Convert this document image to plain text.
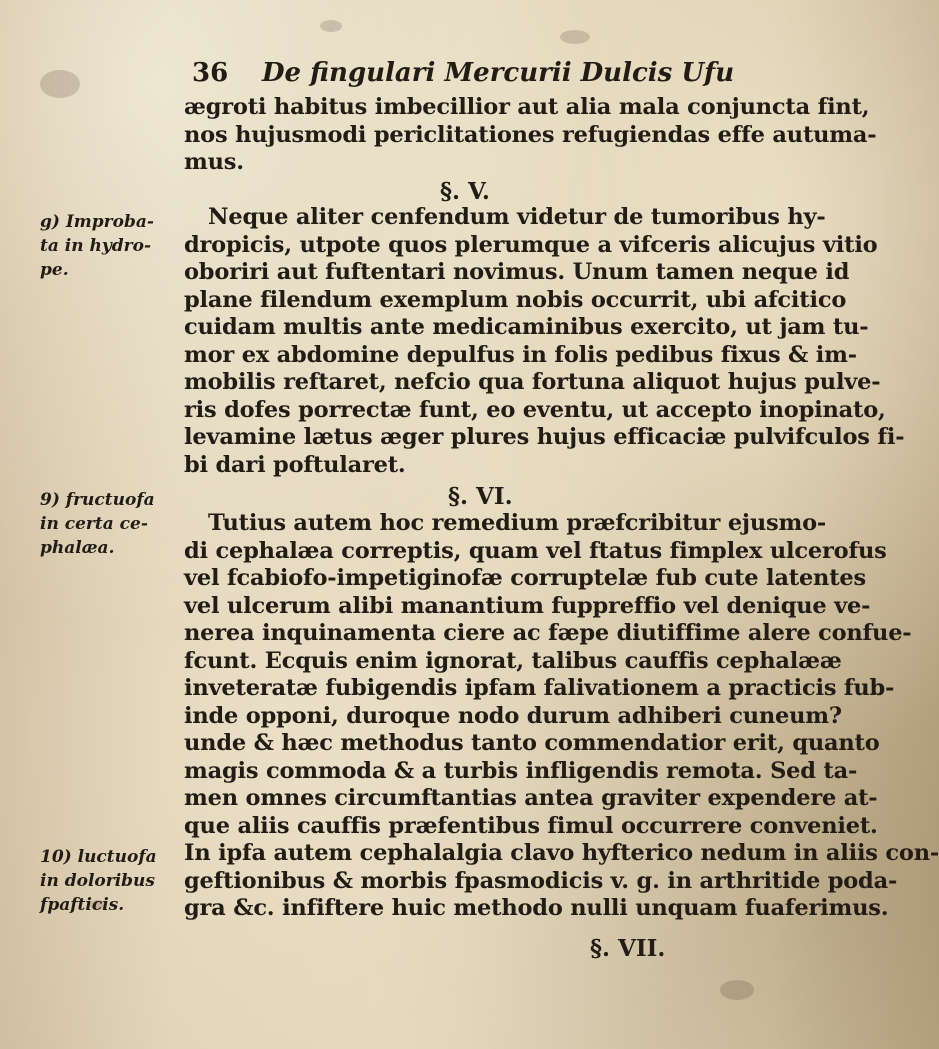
36 De fingulari Mercurii Dulcis Ufu
ægroti habitus imbecillior aut alia mala conjuncta fint,
nos hujusmodi periclitationes refugiendas effe autuma-
mus.
§. V.
Neque aliter cenfendum videtur de tumoribus hy-
dropicis, utpote quos plerumque a vifceris alicujus vitio
oboriri aut fuftentari novimus. Unum tamen neque id
plane filendum exemplum nobis occurrit, ubi afcitico
cuidam multis ante medicaminibus exercito, ut jam tu-
mor ex abdomine depulfus in folis pedibus fixus & im-
mobilis reftaret, nefcio qua fortuna aliquot hujus pulve-
ris dofes porrectæ funt, eo eventu, ut accepto inopinato,
levamine lætus æger plures hujus efficaciæ pulvifculos fi-
bi dari poftularet.
§. VI.
Tutius autem hoc remedium præfcribitur ejusmo-
di cephalæa correptis, quam vel ftatus fimplex ulcerofus
vel fcabiofo-impetiginofæ corruptelæ fub cute latentes
vel ulcerum alibi manantium fuppreffio vel denique ve-
nerea inquinamenta ciere ac fæpe diutiffime alere confue-
fcunt. Ecquis enim ignorat, talibus cauffis cephalææ
inveteratæ fubigendis ipfam falivationem a practicis fub-
inde opponi, duroque nodo durum adhiberi cuneum?
unde & hæc methodus tanto commendatior erit, quanto
magis commoda & a turbis infligendis remota. Sed ta-
men omnes circumftantias antea graviter expendere at-
que aliis cauffis præfentibus fimul occurrere conveniet.
In ipfa autem cephalalgia clavo hyfterico nedum in aliis con-
geftionibus & morbis fpasmodicis v. g. in arthritide poda-
gra &c. infiftere huic methodo nulli unquam fuaferimus.
§. VII.
g) Improba-
ta in hydro-
pe.
9) fructuofa
in certa ce-
phalæa.
10) luctuofa
in doloribus
fpafticis.
